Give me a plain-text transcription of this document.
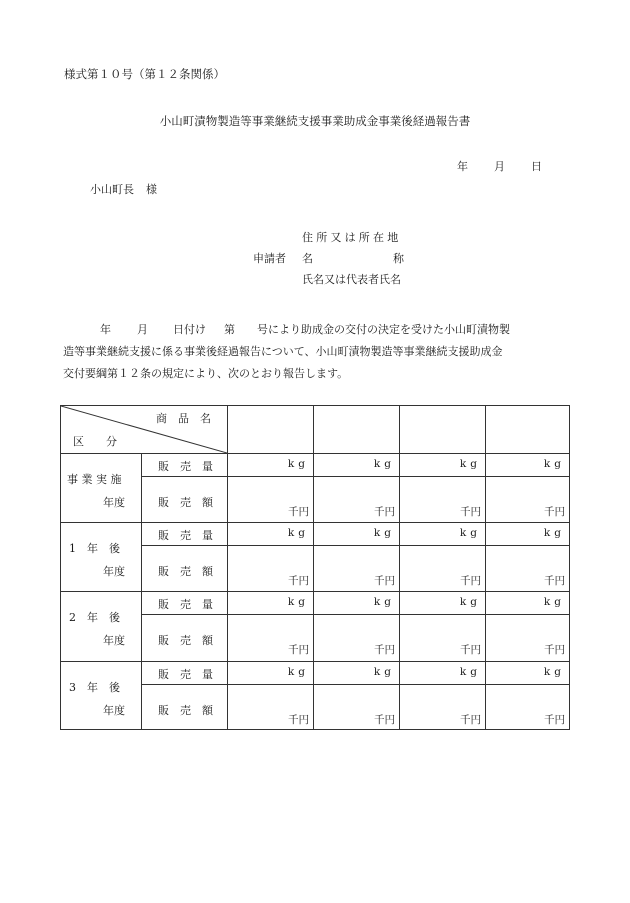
様式第１０号（第１２条関係）
小山町漬物製造等事業継続支援事業助成金事業後経過報告書
年 月 日
小山町長 様
住所又は所在地
申請者 名	称
氏名又は代表者氏名
年 月 日付け 第 号により助成金の交付の決定を受けた小山町漬物製
造等事業継続支援に係る事業後経過報告について、小山町漬物製造等事業継続支援助成金
交付要綱第１２条の規定により、次のとおり報告します。
商　品　名
区　　分
事 業 実 施
年度
販　売　量
販　売　額
1　年　後
年度
販　売　量
販　売　額
2　年　後
年度
販　売　量
販　売　額
3　年　後
年度
販　売　量
販　売　額
kg
千円
kg
千円
kg
千円
kg
千円
kg
千円
kg
千円
kg
千円
kg
千円
kg
千円
kg
千円
kg
千円
kg
千円
kg
千円
kg
千円
kg
千円
kg
千円
